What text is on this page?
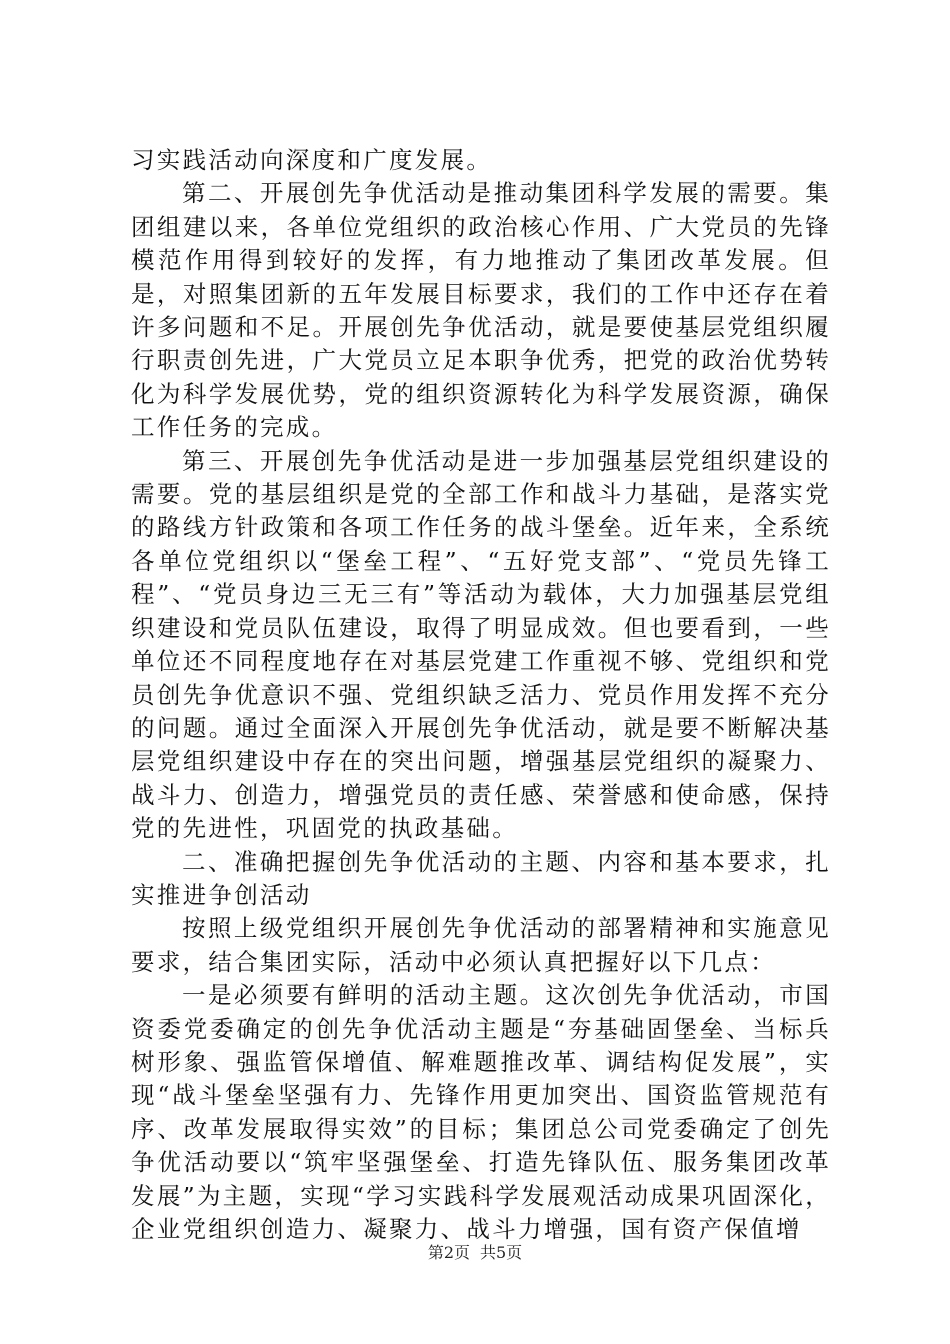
习实践活动向深度和广度发展。

第二、开展创先争优活动是推动集团科学发展的需要。集团组建以来，各单位党组织的政治核心作用、广大党员的先锋模范作用得到较好的发挥，有力地推动了集团改革发展。但是，对照集团新的五年发展目标要求，我们的工作中还存在着许多问题和不足。开展创先争优活动，就是要使基层党组织履行职责创先进，广大党员立足本职争优秀，把党的政治优势转化为科学发展优势，党的组织资源转化为科学发展资源，确保工作任务的完成。

第三、开展创先争优活动是进一步加强基层党组织建设的需要。党的基层组织是党的全部工作和战斗力基础，是落实党的路线方针政策和各项工作任务的战斗堡垒。近年来，全系统各单位党组织以“堡垒工程”、“五好党支部”、“党员先锋工程”、“党员身边三无三有”等活动为载体，大力加强基层党组织建设和党员队伍建设，取得了明显成效。但也要看到，一些单位还不同程度地存在对基层党建工作重视不够、党组织和党员创先争优意识不强、党组织缺乏活力、党员作用发挥不充分的问题。通过全面深入开展创先争优活动，就是要不断解决基层党组织建设中存在的突出问题，增强基层党组织的凝聚力、战斗力、创造力，增强党员的责任感、荣誉感和使命感，保持党的先进性，巩固党的执政基础。

二、准确把握创先争优活动的主题、内容和基本要求，扎实推进争创活动

按照上级党组织开展创先争优活动的部署精神和实施意见要求，结合集团实际，活动中必须认真把握好以下几点：

一是必须要有鲜明的活动主题。这次创先争优活动，市国资委党委确定的创先争优活动主题是“夯基础固堡垒、当标兵树形象、强监管保增值、解难题推改革、调结构促发展”，实现“战斗堡垒坚强有力、先锋作用更加突出、国资监管规范有序、改革发展取得实效”的目标；集团总公司党委确定了创先争优活动要以“筑牢坚强堡垒、打造先锋队伍、服务集团改革发展”为主题，实现“学习实践科学发展观活动成果巩固深化，企业党组织创造力、凝聚力、战斗力增强，国有资产保值增

第2页 共5页
